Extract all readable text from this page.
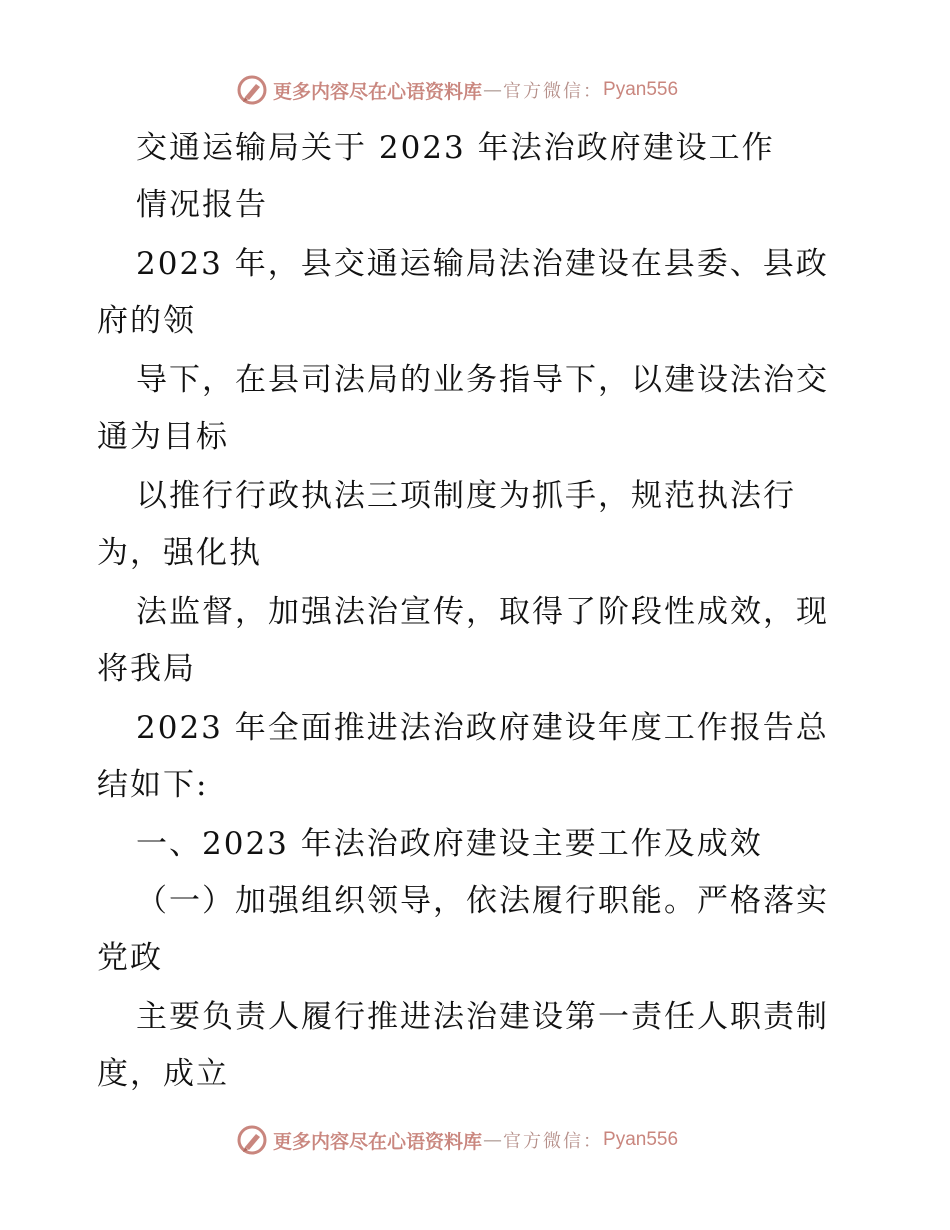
更多内容尽在心语资料库 — 官方微信： Pyan556
交通运输局关于 2023 年法治政府建设工作
情况报告
2023 年，县交通运输局法治建设在县委、县政
府的领
导下，在县司法局的业务指导下，以建设法治交
通为目标
以推行行政执法三项制度为抓手，规范执法行
为，强化执
法监督，加强法治宣传，取得了阶段性成效，现
将我局
2023 年全面推进法治政府建设年度工作报告总
结如下:
一、2023 年法治政府建设主要工作及成效
（一）加强组织领导，依法履行职能。严格落实
党政
主要负责人履行推进法治建设第一责任人职责制
度，成立
更多内容尽在心语资料库 — 官方微信： Pyan556
